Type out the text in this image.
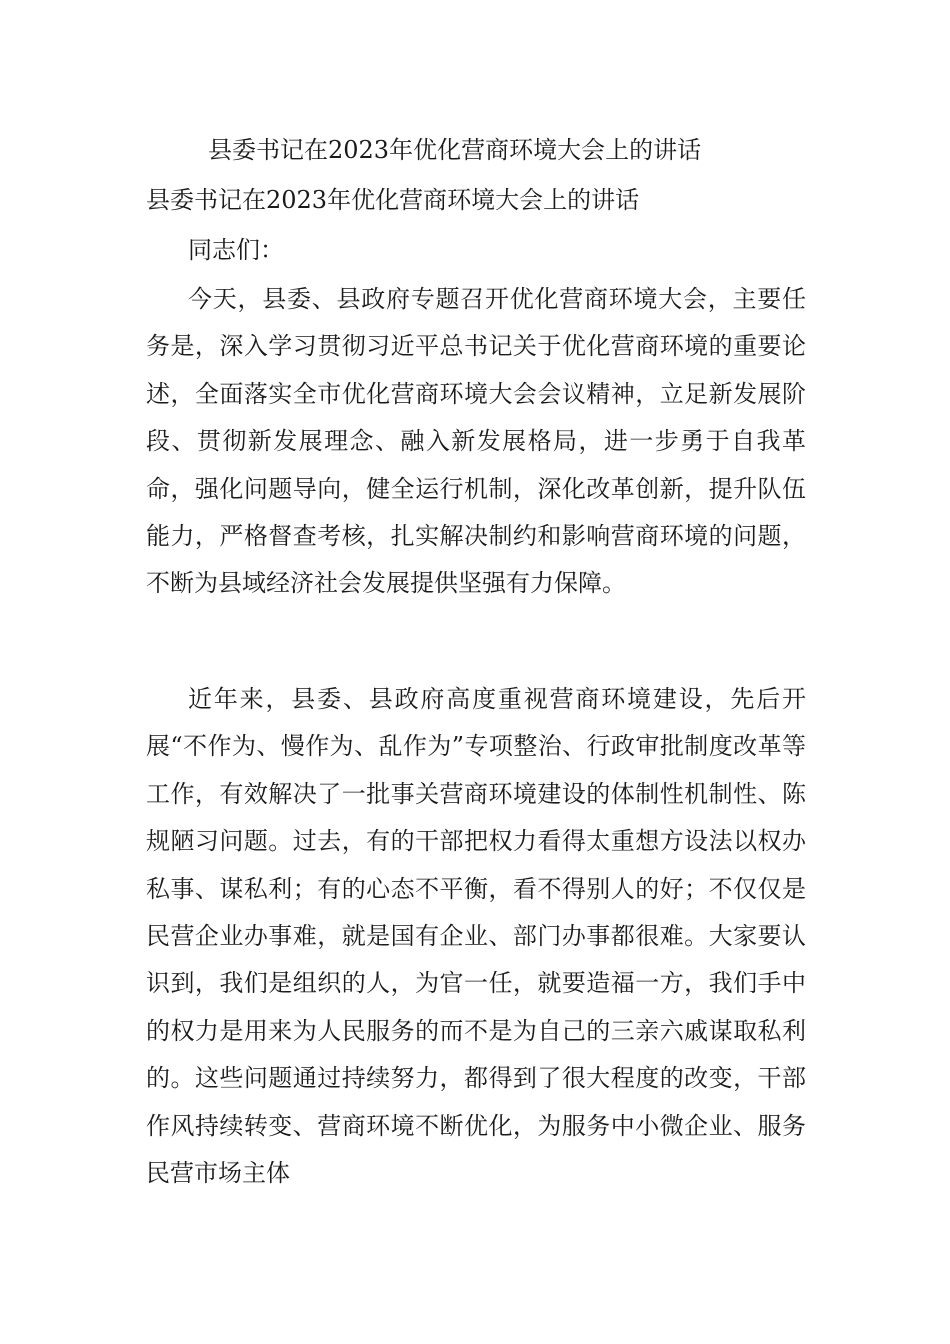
县委书记在2023年优化营商环境大会上的讲话
县委书记在2023年优化营商环境大会上的讲话
同志们：

今天，县委、县政府专题召开优化营商环境大会，主要任务是，深入学习贯彻习近平总书记关于优化营商环境的重要论述，全面落实全市优化营商环境大会会议精神，立足新发展阶段、贯彻新发展理念、融入新发展格局，进一步勇于自我革命，强化问题导向，健全运行机制，深化改革创新，提升队伍能力，严格督查考核，扎实解决制约和影响营商环境的问题，不断为县域经济社会发展提供坚强有力保障。

近年来，县委、县政府高度重视营商环境建设，先后开展“不作为、慢作为、乱作为”专项整治、行政审批制度改革等工作，有效解决了一批事关营商环境建设的体制性机制性、陈规陋习问题。过去，有的干部把权力看得太重想方设法以权办私事、谋私利；有的心态不平衡，看不得别人的好；不仅仅是民营企业办事难，就是国有企业、部门办事都很难。大家要认识到，我们是组织的人，为官一任，就要造福一方，我们手中的权力是用来为人民服务的而不是为自己的三亲六戚谋取私利的。这些问题通过持续努力，都得到了很大程度的改变，干部作风持续转变、营商环境不断优化，为服务中小微企业、服务民营市场主体
